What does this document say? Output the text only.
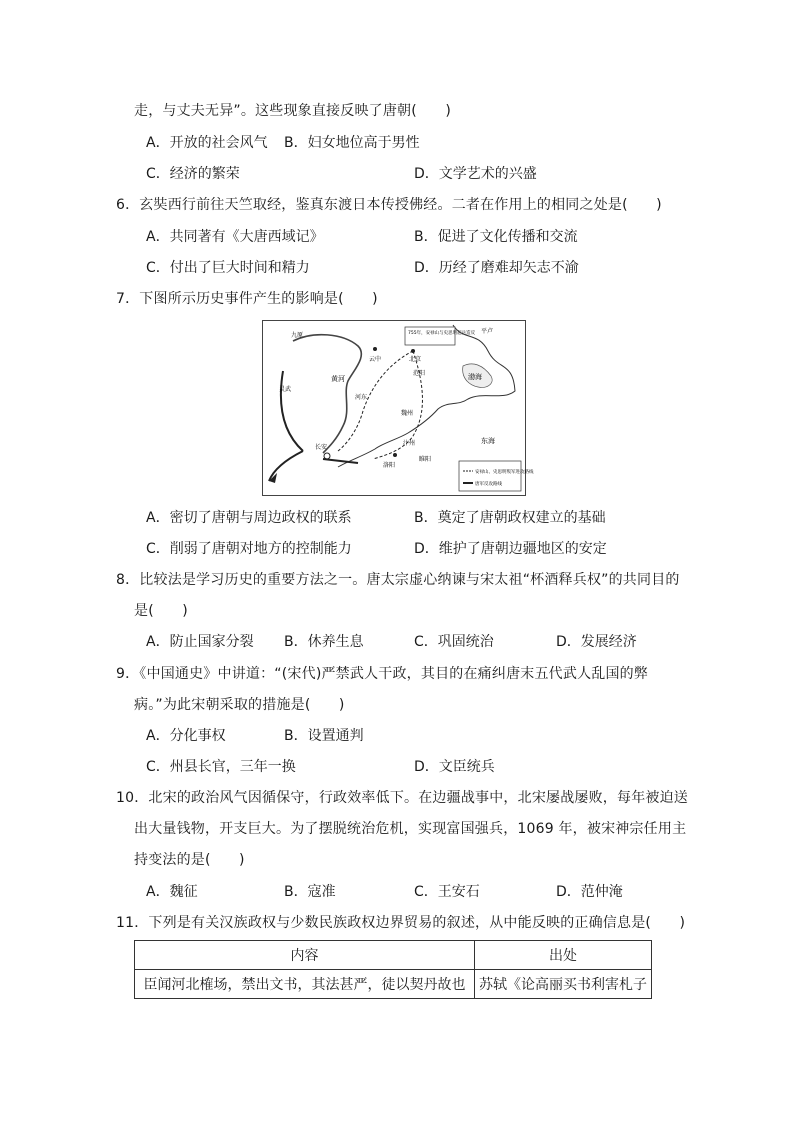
走，与丈夫无异”。这些现象直接反映了唐朝(　　)
A．开放的社会风气 B．妇女地位高于男性
C．经济的繁荣	D．文学艺术的兴盛
6．玄奘西行前往天竺取经，鉴真东渡日本传授佛经。二者在作用上的相同之处是(　　)
A．共同著有《大唐西域记》	B．促进了文化传播和交流
C．付出了巨大时间和精力	D．历经了磨难却矢志不渝
7．下图所示历史事件产生的影响是(　　)
755年，安禄山与史思明起兵造反
安禄山、史思明叛军进攻路线
唐军反攻路线
平卢
九原
云中	北京
渤海
东海
黄河
灵武
河东
魏州
长安
洛阳
汴州
睢阳
范阳
A．密切了唐朝与周边政权的联系	B．奠定了唐朝政权建立的基础
C．削弱了唐朝对地方的控制能力	D．维护了唐朝边疆地区的安定
8．比较法是学习历史的重要方法之一。唐太宗虚心纳谏与宋太祖“杯酒释兵权”的共同目的
是(　　)
A．防止国家分裂 B．休养生息	C．巩固统治	D．发展经济
9．《中国通史》中讲道：“(宋代)严禁武人干政，其目的在痛纠唐末五代武人乱国的弊
病。”为此宋朝采取的措施是(　　)
A．分化事权	B．设置通判
C．州县长官，三年一换	D．文臣统兵
10．北宋的政治风气因循保守，行政效率低下。在边疆战事中，北宋屡战屡败，每年被迫送
出大量钱物，开支巨大。为了摆脱统治危机，实现富国强兵，1069 年，被宋神宗任用主
持变法的是(　　)
A．魏征	B．寇准	C．王安石	D．范仲淹
11．下列是有关汉族政权与少数民族政权边界贸易的叙述，从中能反映的正确信息是(　　)
内容	出处
臣闻河北榷场，禁出文书，其法甚严，徒以契丹故也	苏轼《论高丽买书利害札子
